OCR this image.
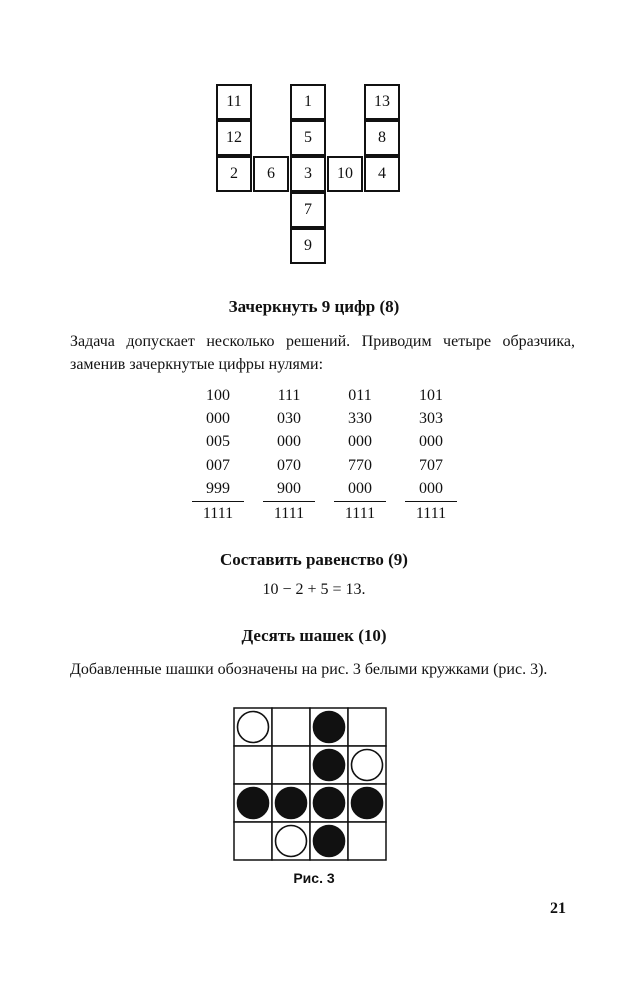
11
12
2	6
1
5
3
7
9
10
13
8
4
Зачеркнуть 9 цифр (8)

Задача допускает несколько решений. Приводим четыре образчика, заменив зачеркнутые цифры нулями:

100
000
005
007
999
1111
111
030
000
070
900
1111
011
330
000
770
000
1111
101
303
000
707
000
1111
Составить равенство (9)
10 − 2 + 5 = 13.
Десять шашек (10)

Добавленные шашки обозначены на рис. 3 белыми кружками (рис. 3).

Рис. 3
21
